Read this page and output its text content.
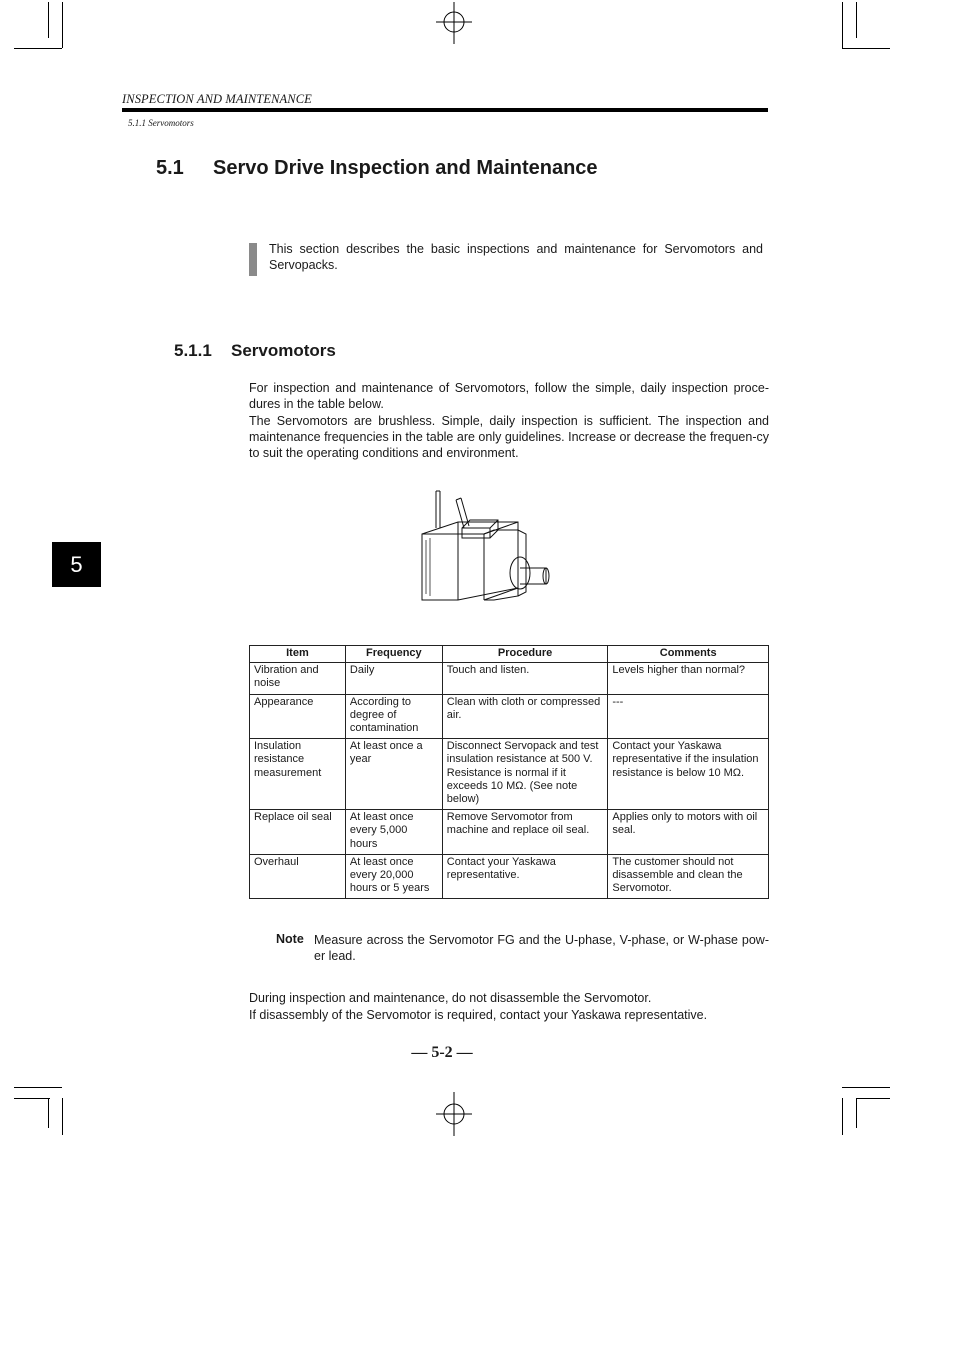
INSPECTION AND MAINTENANCE
5.1.1 Servomotors
5.1 Servo Drive Inspection and Maintenance
This section describes the basic inspections and maintenance for Servomotors and Servopacks.
5.1.1 Servomotors
For inspection and maintenance of Servomotors, follow the simple, daily inspection proce-dures in the table below.
The Servomotors are brushless. Simple, daily inspection is sufficient. The inspection and maintenance frequencies in the table are only guidelines. Increase or decrease the frequen-cy to suit the operating conditions and environment.
5
Item	Frequency	Procedure	Comments
Vibration and noise	Daily	Touch and listen.	Levels higher than normal?
Appearance	According to degree of contamination	Clean with cloth or compressed air.	---
Insulation resistance measurement	At least once a year	Disconnect Servopack and test insulation resistance at 500 V. Resistance is normal if it exceeds 10 MΩ. (See note below)	Contact your Yaskawa representative if the insulation resistance is below 10 MΩ.
Replace oil seal	At least once every 5,000 hours	Remove Servomotor from machine and replace oil seal.	Applies only to motors with oil seal.
Overhaul	At least once every 20,000 hours or 5 years	Contact your Yaskawa representative.	The customer should not disassemble and clean the Servomotor.
Note Measure across the Servomotor FG and the U-phase, V-phase, or W-phase pow-er lead.
During inspection and maintenance, do not disassemble the Servomotor.
If disassembly of the Servomotor is required, contact your Yaskawa representative.
— 5-2 —
